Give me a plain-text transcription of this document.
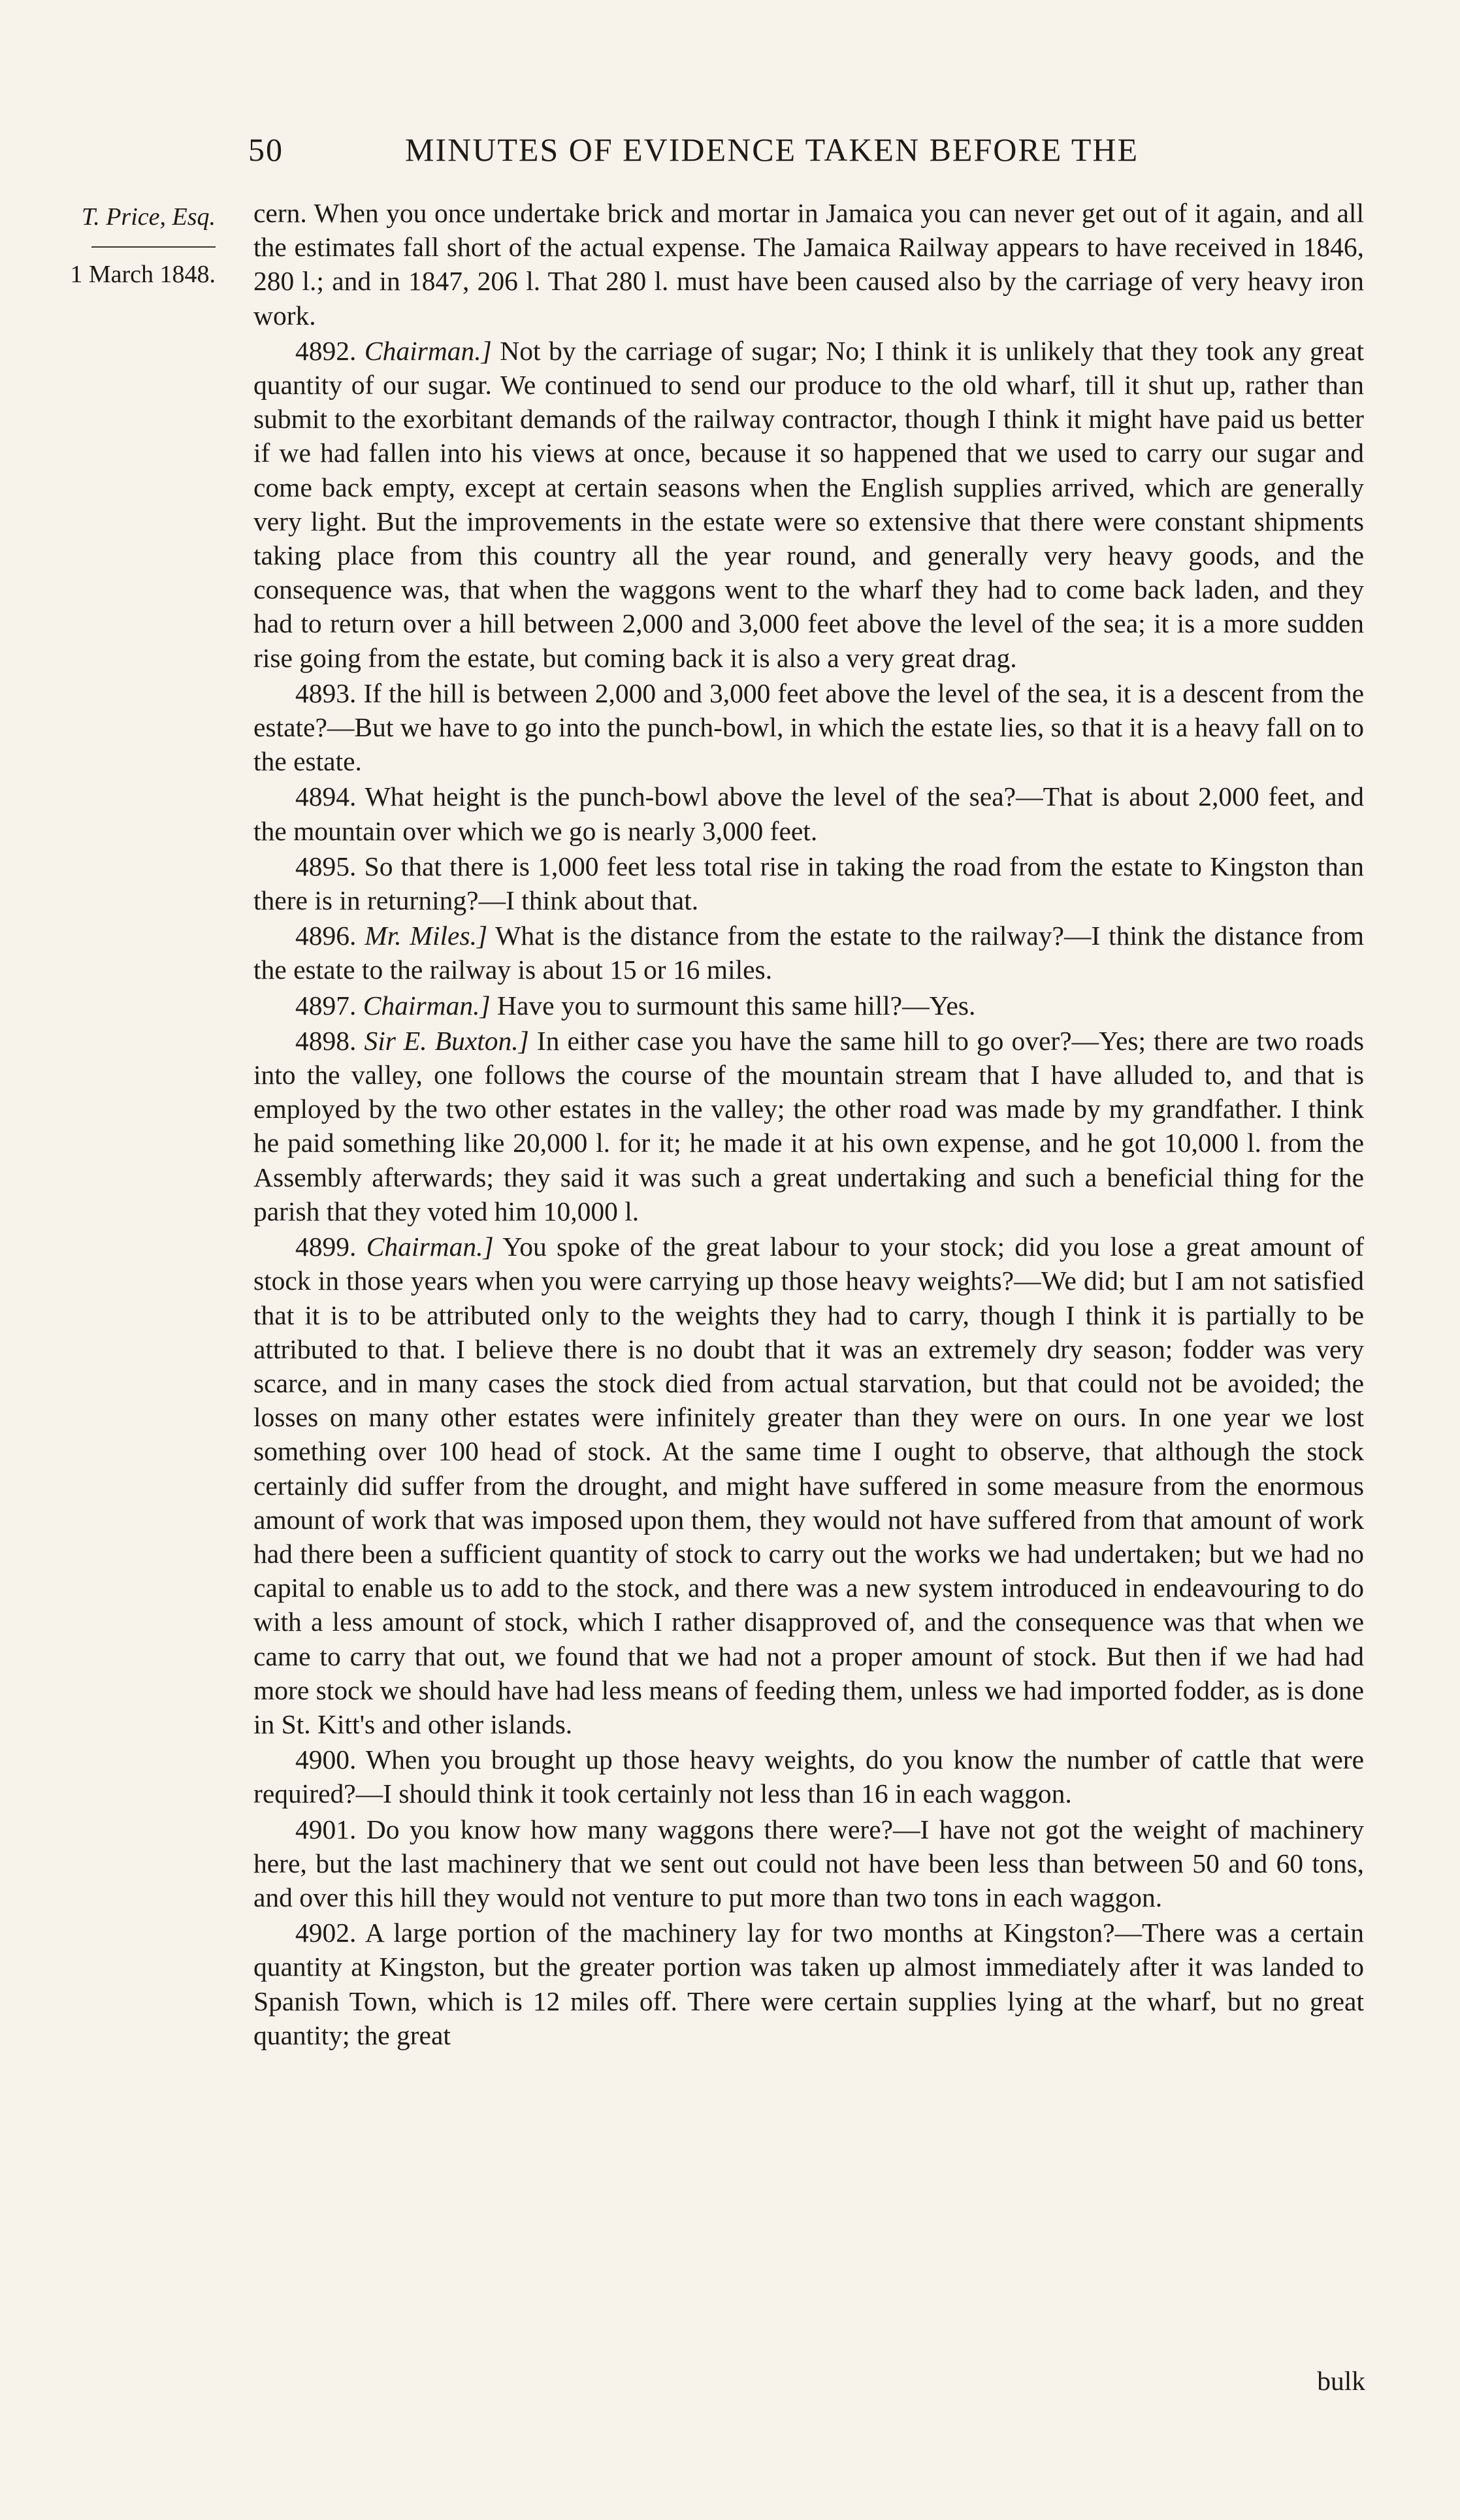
50	MINUTES OF EVIDENCE TAKEN BEFORE THE
T. Price, Esq.
1 March 1848.

cern. When you once undertake brick and mortar in Jamaica you can never get out of it again, and all the estimates fall short of the actual expense. The Jamaica Railway appears to have received in 1846, 280 l.; and in 1847, 206 l. That 280 l. must have been caused also by the carriage of very heavy iron work.

4892. Chairman.] Not by the carriage of sugar; No; I think it is unlikely that they took any great quantity of our sugar. We continued to send our produce to the old wharf, till it shut up, rather than submit to the exorbitant demands of the railway contractor, though I think it might have paid us better if we had fallen into his views at once, because it so happened that we used to carry our sugar and come back empty, except at certain seasons when the English supplies arrived, which are generally very light. But the improvements in the estate were so extensive that there were constant shipments taking place from this country all the year round, and generally very heavy goods, and the consequence was, that when the waggons went to the wharf they had to come back laden, and they had to return over a hill between 2,000 and 3,000 feet above the level of the sea; it is a more sudden rise going from the estate, but coming back it is also a very great drag.

4893. If the hill is between 2,000 and 3,000 feet above the level of the sea, it is a descent from the estate?—But we have to go into the punch-bowl, in which the estate lies, so that it is a heavy fall on to the estate.

4894. What height is the punch-bowl above the level of the sea?—That is about 2,000 feet, and the mountain over which we go is nearly 3,000 feet.

4895. So that there is 1,000 feet less total rise in taking the road from the estate to Kingston than there is in returning?—I think about that.

4896. Mr. Miles.] What is the distance from the estate to the railway?—I think the distance from the estate to the railway is about 15 or 16 miles.

4897. Chairman.] Have you to surmount this same hill?—Yes.

4898. Sir E. Buxton.] In either case you have the same hill to go over?—Yes; there are two roads into the valley, one follows the course of the mountain stream that I have alluded to, and that is employed by the two other estates in the valley; the other road was made by my grandfather. I think he paid something like 20,000 l. for it; he made it at his own expense, and he got 10,000 l. from the Assembly afterwards; they said it was such a great undertaking and such a beneficial thing for the parish that they voted him 10,000 l.

4899. Chairman.] You spoke of the great labour to your stock; did you lose a great amount of stock in those years when you were carrying up those heavy weights?—We did; but I am not satisfied that it is to be attributed only to the weights they had to carry, though I think it is partially to be attributed to that. I believe there is no doubt that it was an extremely dry season; fodder was very scarce, and in many cases the stock died from actual starvation, but that could not be avoided; the losses on many other estates were infinitely greater than they were on ours. In one year we lost something over 100 head of stock. At the same time I ought to observe, that although the stock certainly did suffer from the drought, and might have suffered in some measure from the enormous amount of work that was imposed upon them, they would not have suffered from that amount of work had there been a sufficient quantity of stock to carry out the works we had undertaken; but we had no capital to enable us to add to the stock, and there was a new system introduced in endeavouring to do with a less amount of stock, which I rather disapproved of, and the consequence was that when we came to carry that out, we found that we had not a proper amount of stock. But then if we had had more stock we should have had less means of feeding them, unless we had imported fodder, as is done in St. Kitt's and other islands.

4900. When you brought up those heavy weights, do you know the number of cattle that were required?—I should think it took certainly not less than 16 in each waggon.

4901. Do you know how many waggons there were?—I have not got the weight of machinery here, but the last machinery that we sent out could not have been less than between 50 and 60 tons, and over this hill they would not venture to put more than two tons in each waggon.

4902. A large portion of the machinery lay for two months at Kingston?—There was a certain quantity at Kingston, but the greater portion was taken up almost immediately after it was landed to Spanish Town, which is 12 miles off. There were certain supplies lying at the wharf, but no great quantity; the great

bulk
